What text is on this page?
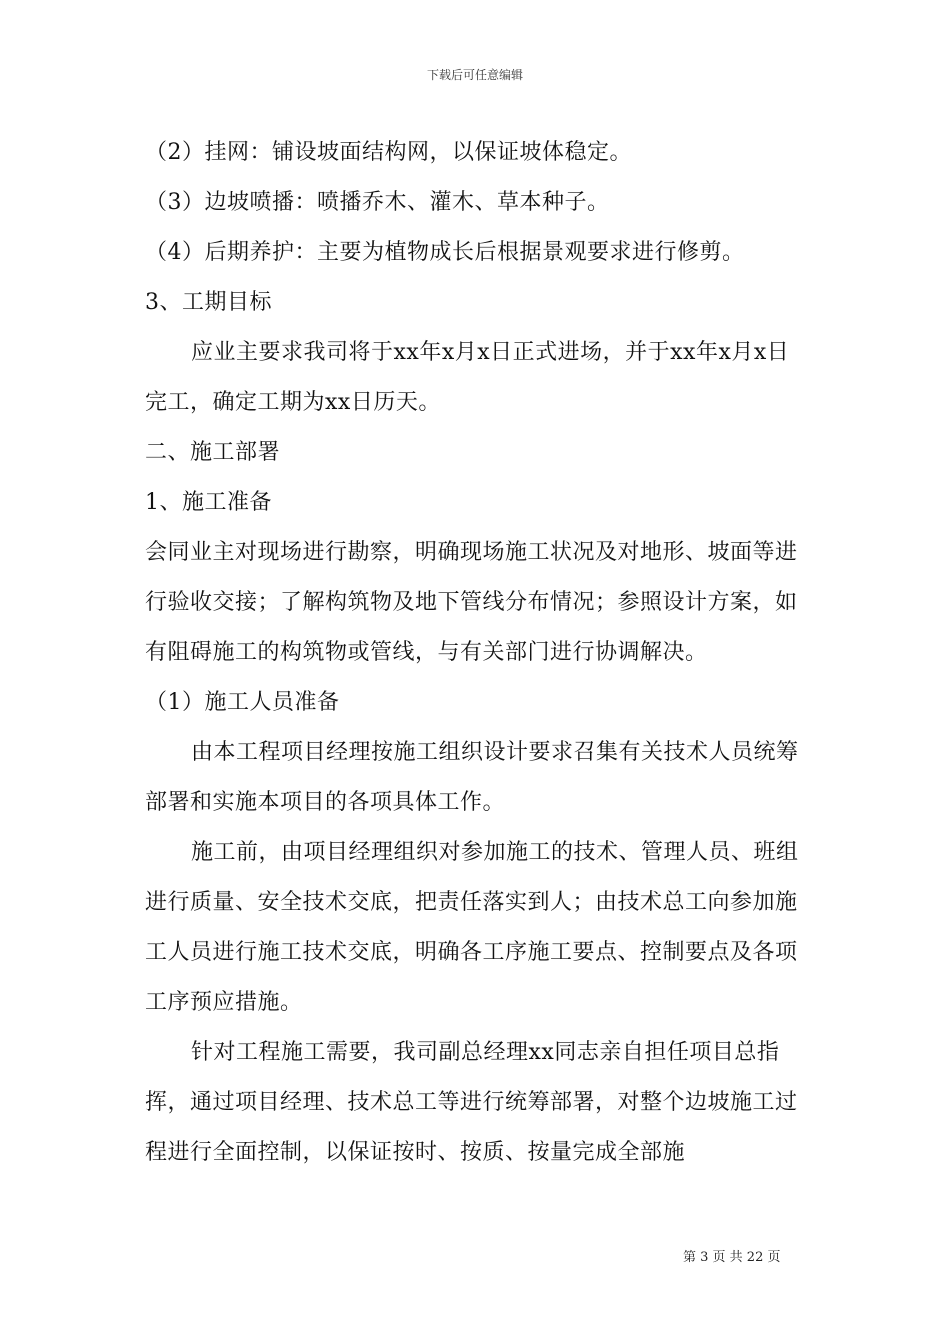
下载后可任意编辑

（2）挂网：铺设坡面结构网，以保证坡体稳定。

（3）边坡喷播：喷播乔木、灌木、草本种子。

（4）后期养护：主要为植物成长后根据景观要求进行修剪。

3、工期目标

应业主要求我司将于xx年x月x日正式进场，并于xx年x月x日完工，确定工期为xx日历天。

二、施工部署

1、施工准备

会同业主对现场进行勘察，明确现场施工状况及对地形、坡面等进行验收交接；了解构筑物及地下管线分布情况；参照设计方案，如有阻碍施工的构筑物或管线，与有关部门进行协调解决。

（1）施工人员准备

由本工程项目经理按施工组织设计要求召集有关技术人员统筹部署和实施本项目的各项具体工作。

施工前，由项目经理组织对参加施工的技术、管理人员、班组进行质量、安全技术交底，把责任落实到人；由技术总工向参加施工人员进行施工技术交底，明确各工序施工要点、控制要点及各项工序预应措施。

针对工程施工需要，我司副总经理xx同志亲自担任项目总指挥，通过项目经理、技术总工等进行统筹部署，对整个边坡施工过程进行全面控制，以保证按时、按质、按量完成全部施

第 3 页 共 22 页
